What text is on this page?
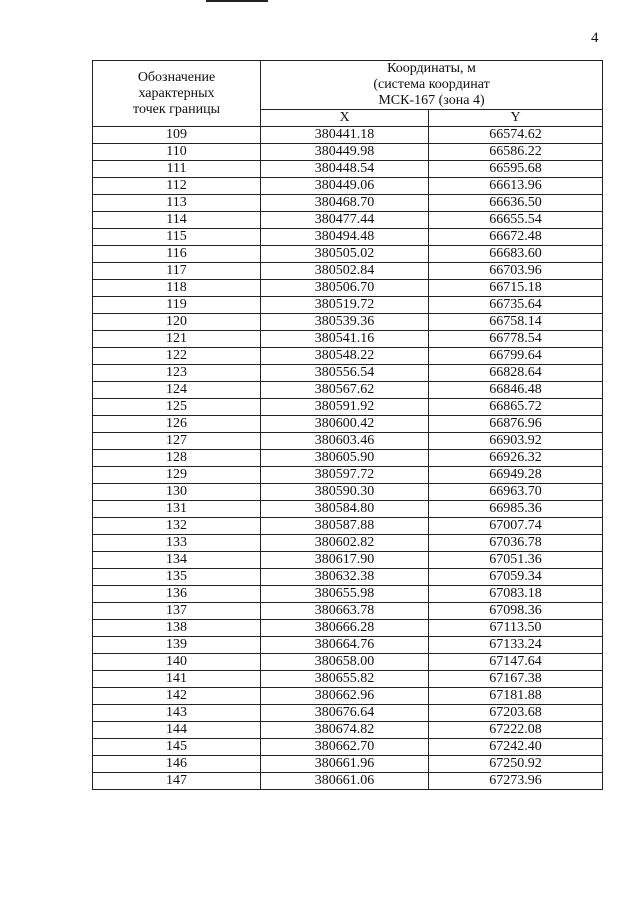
4
Обозначение
характерных
точек границы	Координаты, м
(система координат
МСК-167 (зона 4)	

	X	Y
109	380441.18	66574.62
110	380449.98	66586.22
111	380448.54	66595.68
112	380449.06	66613.96
113	380468.70	66636.50
114	380477.44	66655.54
115	380494.48	66672.48
116	380505.02	66683.60
117	380502.84	66703.96
118	380506.70	66715.18
119	380519.72	66735.64
120	380539.36	66758.14
121	380541.16	66778.54
122	380548.22	66799.64
123	380556.54	66828.64
124	380567.62	66846.48
125	380591.92	66865.72
126	380600.42	66876.96
127	380603.46	66903.92
128	380605.90	66926.32
129	380597.72	66949.28
130	380590.30	66963.70
131	380584.80	66985.36
132	380587.88	67007.74
133	380602.82	67036.78
134	380617.90	67051.36
135	380632.38	67059.34
136	380655.98	67083.18
137	380663.78	67098.36
138	380666.28	67113.50
139	380664.76	67133.24
140	380658.00	67147.64
141	380655.82	67167.38
142	380662.96	67181.88
143	380676.64	67203.68
144	380674.82	67222.08
145	380662.70	67242.40
146	380661.96	67250.92
147	380661.06	67273.96
